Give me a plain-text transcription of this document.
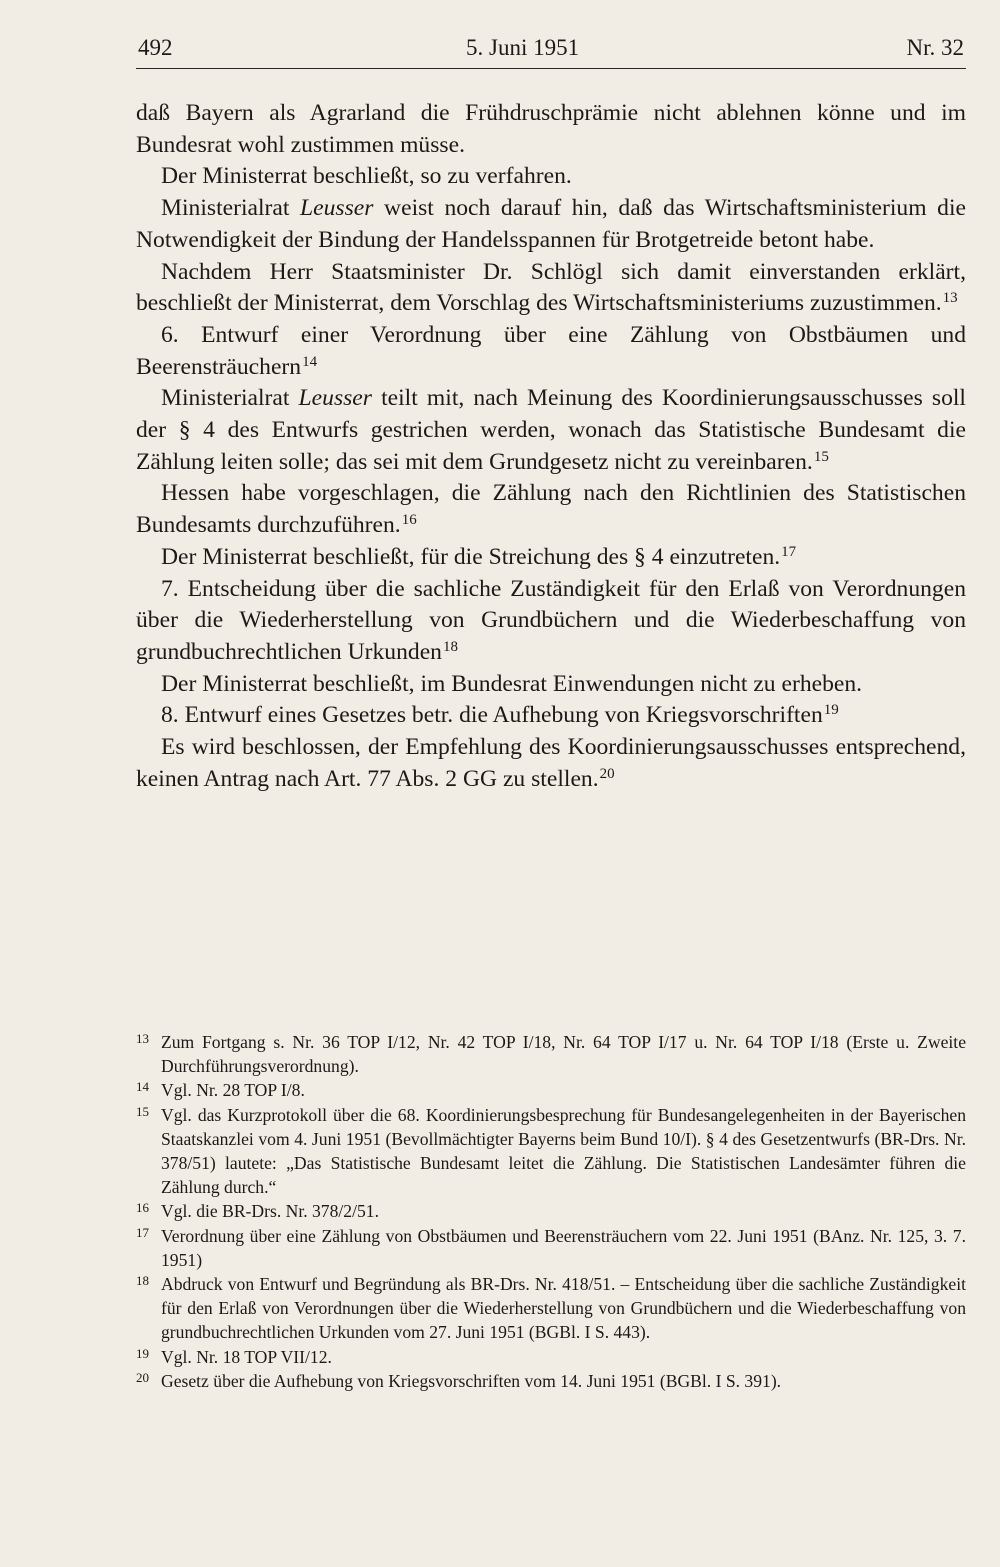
492	5. Juni 1951	Nr. 32

daß Bayern als Agrarland die Frühdruschprämie nicht ablehnen könne und im Bundesrat wohl zustimmen müsse.

Der Ministerrat beschließt, so zu verfahren.

Ministerialrat Leusser weist noch darauf hin, daß das Wirtschaftsministerium die Notwendigkeit der Bindung der Handelsspannen für Brotgetreide betont habe.

Nachdem Herr Staatsminister Dr. Schlögl sich damit einverstanden erklärt, beschließt der Ministerrat, dem Vorschlag des Wirtschaftsministeriums zuzustimmen.$^{13}$

6. Entwurf einer Verordnung über eine Zählung von Obstbäumen und Beerensträuchern$^{14}$

Ministerialrat Leusser teilt mit, nach Meinung des Koordinierungsausschusses soll der § 4 des Entwurfs gestrichen werden, wonach das Statistische Bundesamt die Zählung leiten solle; das sei mit dem Grundgesetz nicht zu vereinbaren.$^{15}$

Hessen habe vorgeschlagen, die Zählung nach den Richtlinien des Statistischen Bundesamts durchzuführen.$^{16}$

Der Ministerrat beschließt, für die Streichung des § 4 einzutreten.$^{17}$

7. Entscheidung über die sachliche Zuständigkeit für den Erlaß von Verordnungen über die Wiederherstellung von Grundbüchern und die Wiederbeschaffung von grundbuchrechtlichen Urkunden$^{18}$

Der Ministerrat beschließt, im Bundesrat Einwendungen nicht zu erheben.

8. Entwurf eines Gesetzes betr. die Aufhebung von Kriegsvorschriften$^{19}$

Es wird beschlossen, der Empfehlung des Koordinierungsausschusses entsprechend, keinen Antrag nach Art. 77 Abs. 2 GG zu stellen.$^{20}$

13 Zum Fortgang s. Nr. 36 TOP I/12, Nr. 42 TOP I/18, Nr. 64 TOP I/17 u. Nr. 64 TOP I/18 (Erste u. Zweite Durchführungsverordnung).
14 Vgl. Nr. 28 TOP I/8.
15 Vgl. das Kurzprotokoll über die 68. Koordinierungsbesprechung für Bundesangelegenheiten in der Bayerischen Staatskanzlei vom 4. Juni 1951 (Bevollmächtigter Bayerns beim Bund 10/I). § 4 des Gesetzentwurfs (BR-Drs. Nr. 378/51) lautete: „Das Statistische Bundesamt leitet die Zählung. Die Statistischen Landesämter führen die Zählung durch.“
16 Vgl. die BR-Drs. Nr. 378/2/51.
17 Verordnung über eine Zählung von Obstbäumen und Beerensträuchern vom 22. Juni 1951 (BAnz. Nr. 125, 3. 7. 1951)
18 Abdruck von Entwurf und Begründung als BR-Drs. Nr. 418/51. – Entscheidung über die sachliche Zuständigkeit für den Erlaß von Verordnungen über die Wiederherstellung von Grundbüchern und die Wiederbeschaffung von grundbuchrechtlichen Urkunden vom 27. Juni 1951 (BGBl. I S. 443).
19 Vgl. Nr. 18 TOP VII/12.
20 Gesetz über die Aufhebung von Kriegsvorschriften vom 14. Juni 1951 (BGBl. I S. 391).
